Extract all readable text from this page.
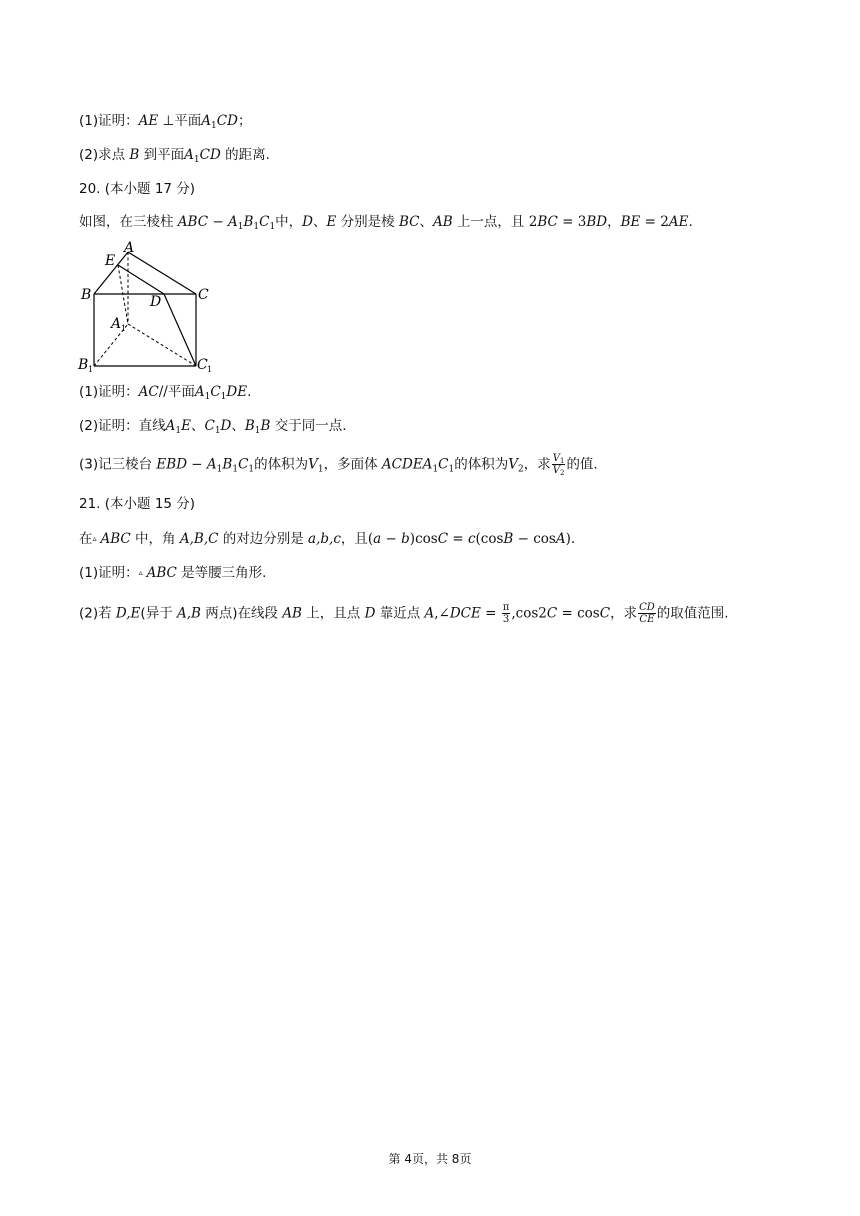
(1)证明：AE ⊥平面$A_1CD$；
(2)求点 B 到平面$A_1CD$ 的距离.
20. (本小题 17 分)
如图，在三棱柱 ABC − $A_1B_1C_1$中，D、E 分别是棱 BC、AB 上一点，且 2BC = 3BD，BE = 2AE.
A
E
B	D	C
A
B	C
1
1	1
(1)证明：AC//平面$A_1C_1DE$.
(2)证明：直线$A_1E$、$C_1D$、$B_1B$ 交于同一点.
(3)记三棱台 EBD − $A_1B_1C_1$的体积为$V_1$，多面体 $ACDEA_1C_1$的体积为$V_2$，求 $\frac{V_1}{V_2}$ 的值.
21. (本小题 15 分)
在▵ ABC 中，角 A,B,C 的对边分别是 a,b,c，且(a − b)cosC = c(cosB − cosA).
(1)证明：▵ ABC 是等腰三角形.
(2)若 D,E(异于 A,B 两点)在线段 AB 上，且点 D 靠近点 A,∠DCE = $\frac{\pi}{3} ,\cos 2C = \cos C$，求 $\frac{CD}{CE}$ 的取值范围.
第 4页，共 8页
